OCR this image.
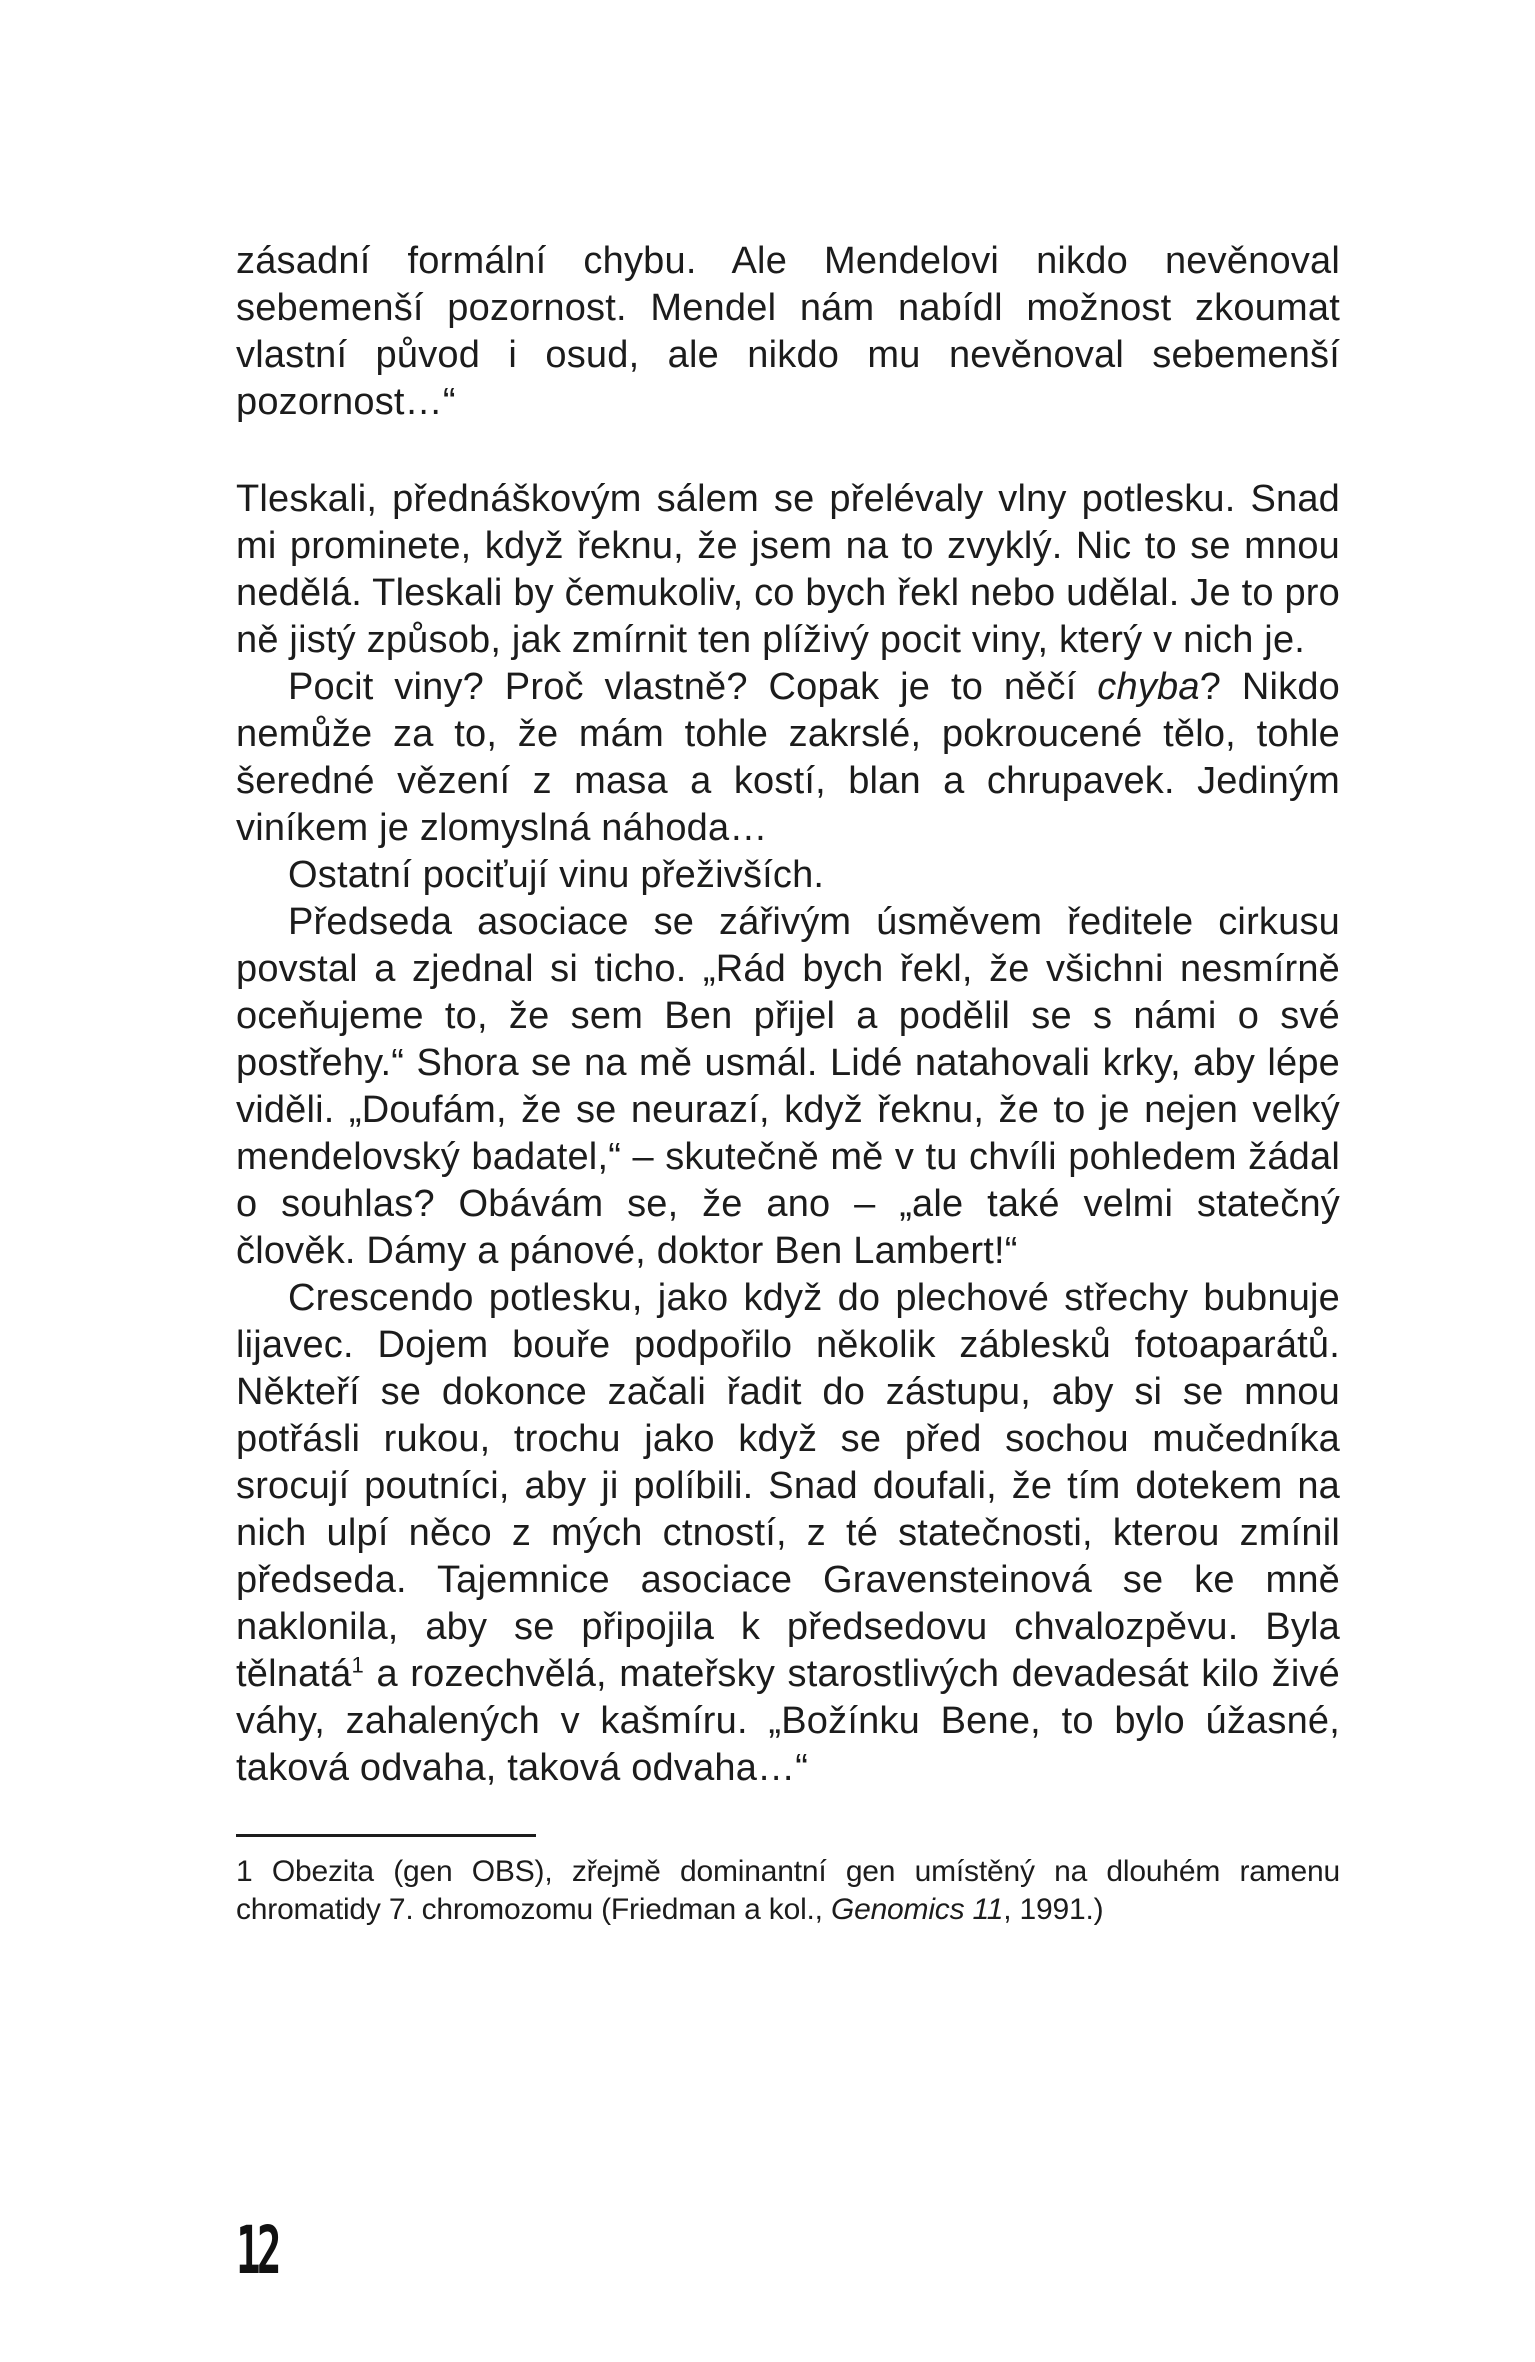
zásadní formální chybu. Ale Mendelovi nikdo nevěnoval sebemenší pozornost. Mendel nám nabídl možnost zkoumat vlastní původ i osud, ale nikdo mu nevěnoval sebemenší pozornost…“

Tleskali, přednáškovým sálem se přelévaly vlny potlesku. Snad mi prominete, když řeknu, že jsem na to zvyklý. Nic to se mnou nedělá. Tleskali by čemukoliv, co bych řekl nebo udělal. Je to pro ně jistý způsob, jak zmírnit ten plíživý pocit viny, který v nich je.

Pocit viny? Proč vlastně? Copak je to něčí chyba? Nikdo nemůže za to, že mám tohle zakrslé, pokroucené tělo, tohle šeredné vězení z masa a kostí, blan a chrupavek. Jediným viníkem je zlomyslná náhoda…

Ostatní pociťují vinu přeživších.

Předseda asociace se zářivým úsměvem ředitele cirkusu povstal a zjednal si ticho. „Rád bych řekl, že všichni nesmírně oceňujeme to, že sem Ben přijel a podělil se s námi o své postřehy.“ Shora se na mě usmál. Lidé natahovali krky, aby lépe viděli. „Doufám, že se neurazí, když řeknu, že to je nejen velký mendelovský badatel,“ – skutečně mě v tu chvíli pohledem žádal o souhlas? Obávám se, že ano – „ale také velmi statečný člověk. Dámy a pánové, doktor Ben Lambert!“

Crescendo potlesku, jako když do plechové střechy bubnuje lijavec. Dojem bouře podpořilo několik záblesků fotoaparátů. Někteří se dokonce začali řadit do zástupu, aby si se mnou potřásli rukou, trochu jako když se před sochou mučedníka srocují poutníci, aby ji políbili. Snad doufali, že tím dotekem na nich ulpí něco z mých ctností, z té statečnosti, kterou zmínil předseda. Tajemnice asociace Gravensteinová se ke mně naklonila, aby se připojila k předsedovu chvalozpěvu. Byla tělnatá$^1$ a rozechvělá, mateřsky starostlivých devadesát kilo živé váhy, zahalených v kašmíru. „Božínku Bene, to bylo úžasné, taková odvaha, taková odvaha…“

1 Obezita (gen OBS), zřejmě dominantní gen umístěný na dlouhém ramenu chromatidy 7. chromozomu (Friedman a kol., Genomics 11, 1991.)

12
